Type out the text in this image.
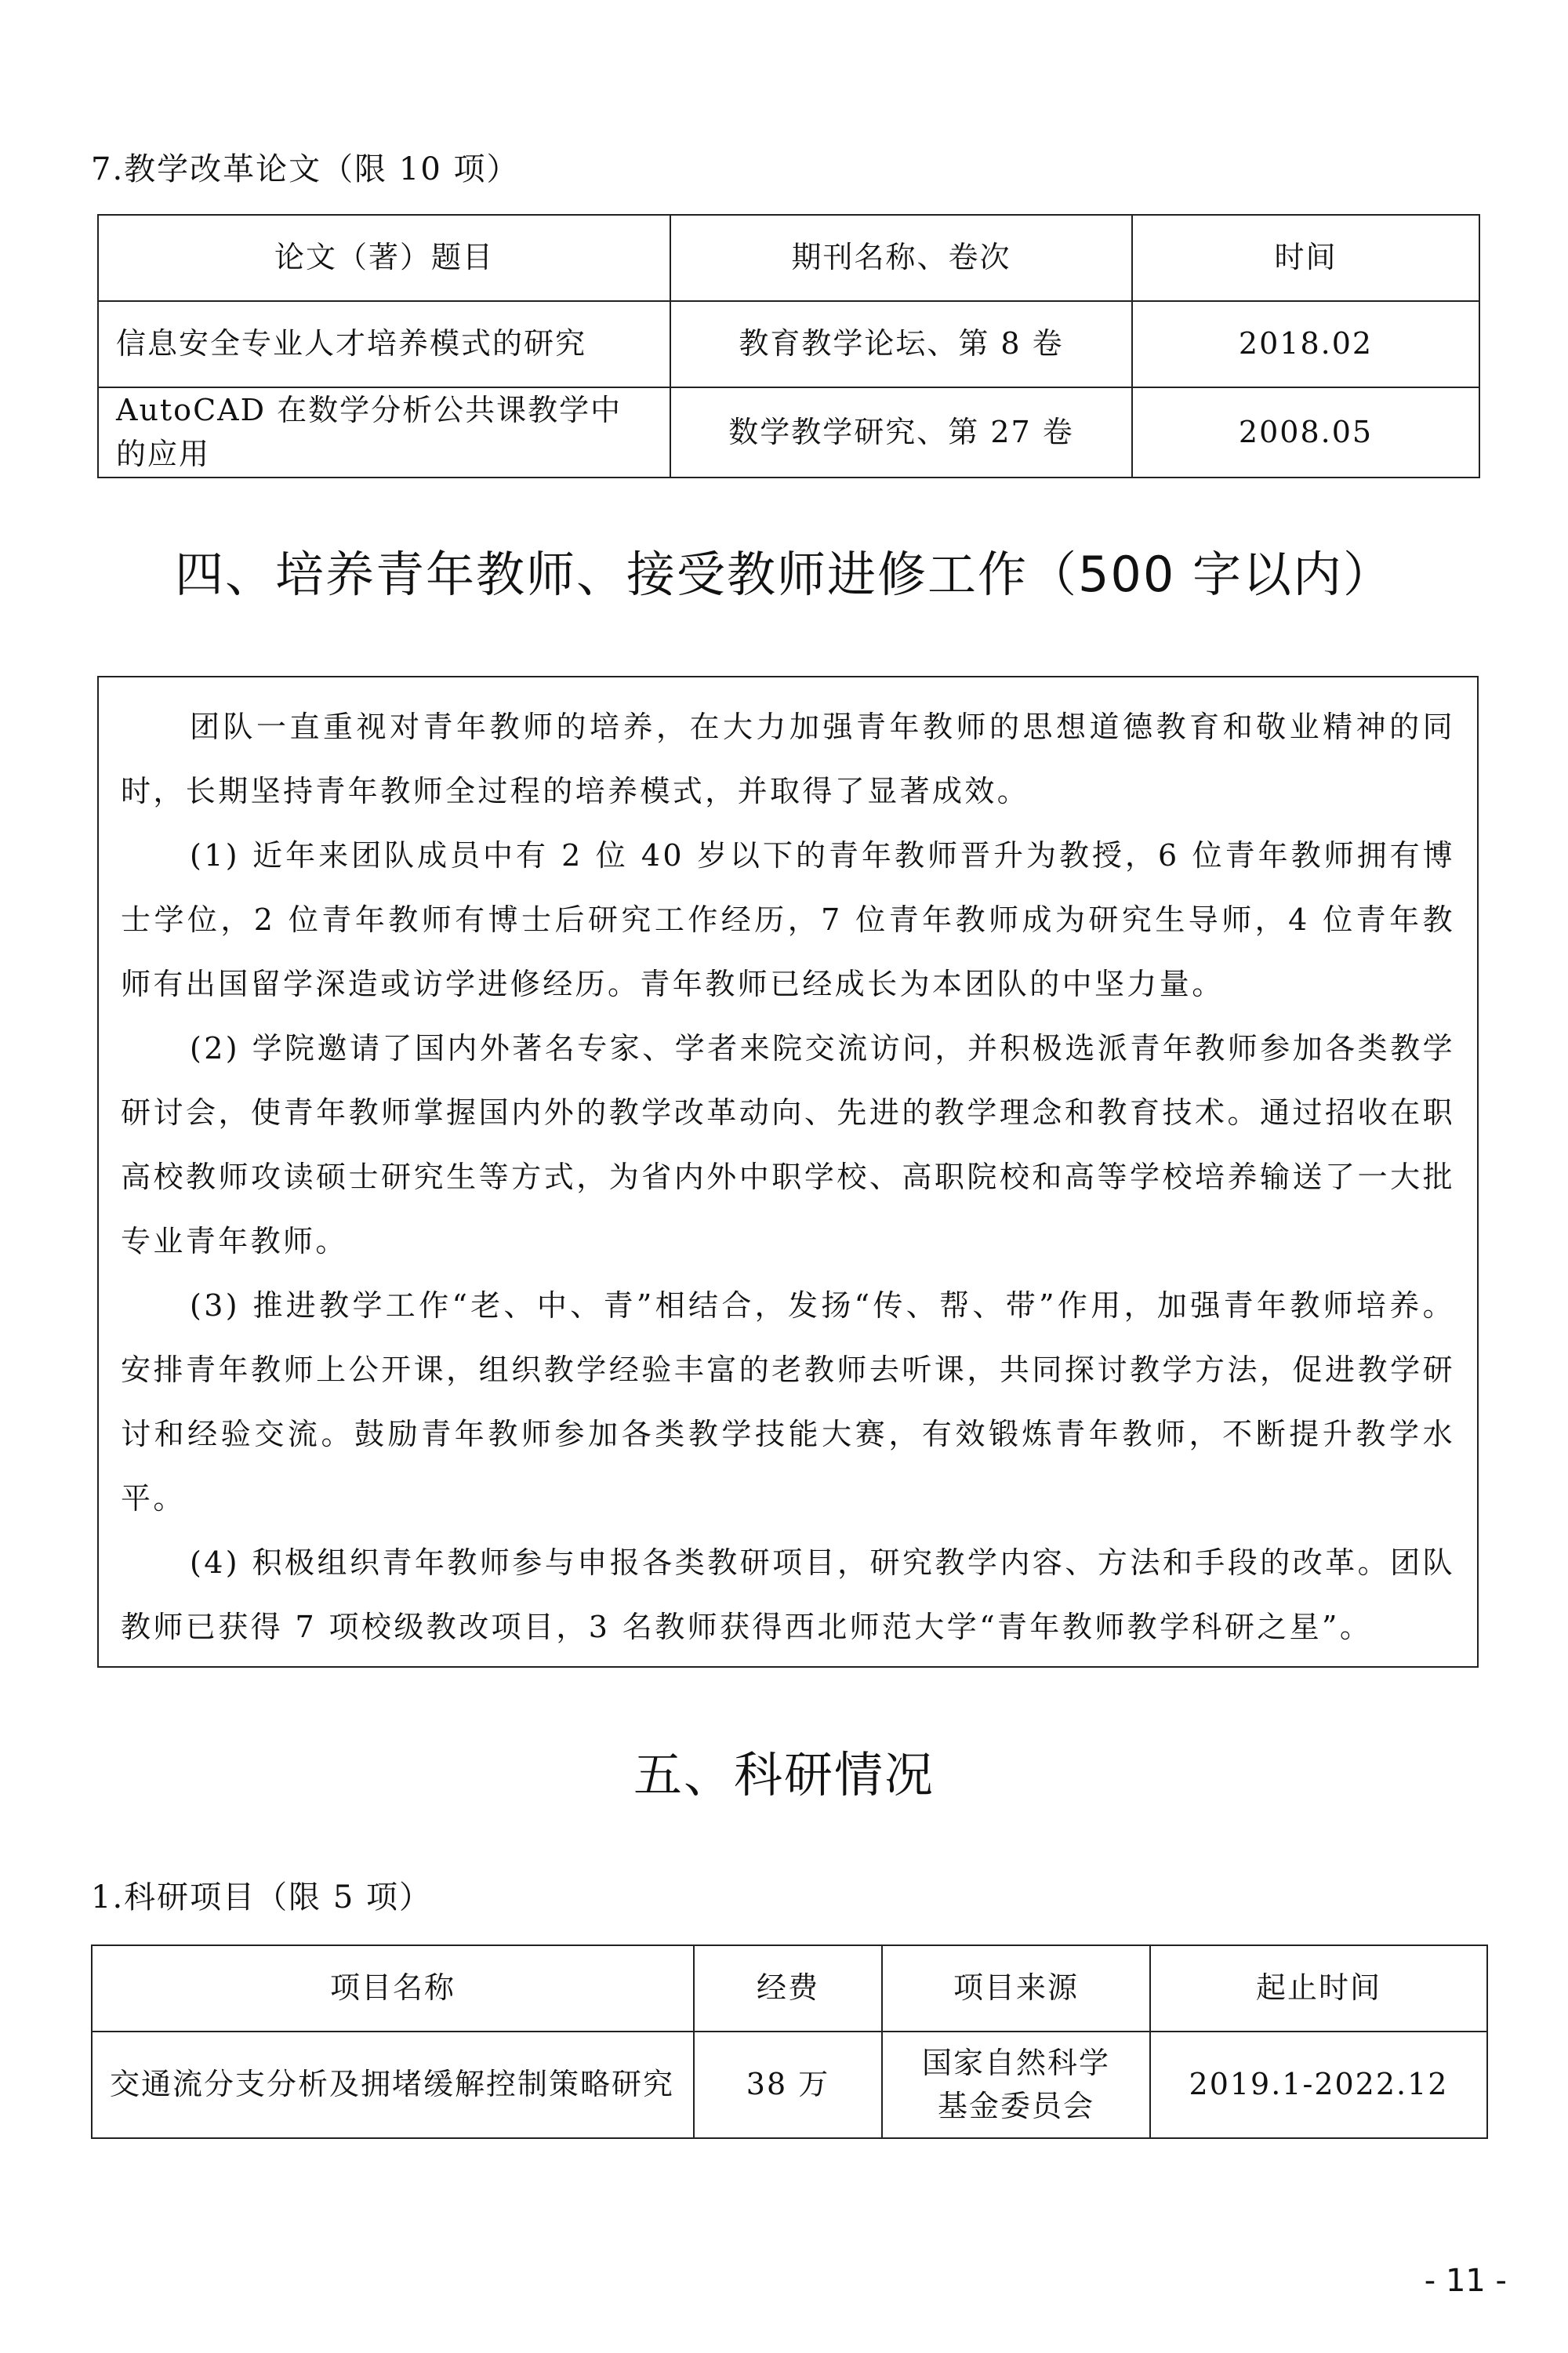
7.教学改革论文（限 10 项）
论文（著）题目	期刊名称、卷次	时间
信息安全专业人才培养模式的研究	教育教学论坛、第 8 卷	2018.02
AutoCAD 在数学分析公共课教学中的应用	数学教学研究、第 27 卷	2008.05
四、培养青年教师、接受教师进修工作（500 字以内）

团队一直重视对青年教师的培养，在大力加强青年教师的思想道德教育和敬业精神的同时，长期坚持青年教师全过程的培养模式，并取得了显著成效。

(1) 近年来团队成员中有 2 位 40 岁以下的青年教师晋升为教授，6 位青年教师拥有博士学位，2 位青年教师有博士后研究工作经历，7 位青年教师成为研究生导师，4 位青年教师有出国留学深造或访学进修经历。青年教师已经成长为本团队的中坚力量。

(2) 学院邀请了国内外著名专家、学者来院交流访问，并积极选派青年教师参加各类教学研讨会，使青年教师掌握国内外的教学改革动向、先进的教学理念和教育技术。通过招收在职高校教师攻读硕士研究生等方式，为省内外中职学校、高职院校和高等学校培养输送了一大批专业青年教师。

(3) 推进教学工作“老、中、青”相结合，发扬“传、帮、带”作用，加强青年教师培养。安排青年教师上公开课，组织教学经验丰富的老教师去听课，共同探讨教学方法，促进教学研讨和经验交流。鼓励青年教师参加各类教学技能大赛，有效锻炼青年教师，不断提升教学水平。

(4) 积极组织青年教师参与申报各类教研项目，研究教学内容、方法和手段的改革。团队教师已获得 7 项校级教改项目，3 名教师获得西北师范大学“青年教师教学科研之星”。

五、科研情况
1.科研项目（限 5 项）
项目名称	经费	项目来源	起止时间
交通流分支分析及拥堵缓解控制策略研究	38 万	国家自然科学基金委员会	2019.1-2022.12
- 11 -
